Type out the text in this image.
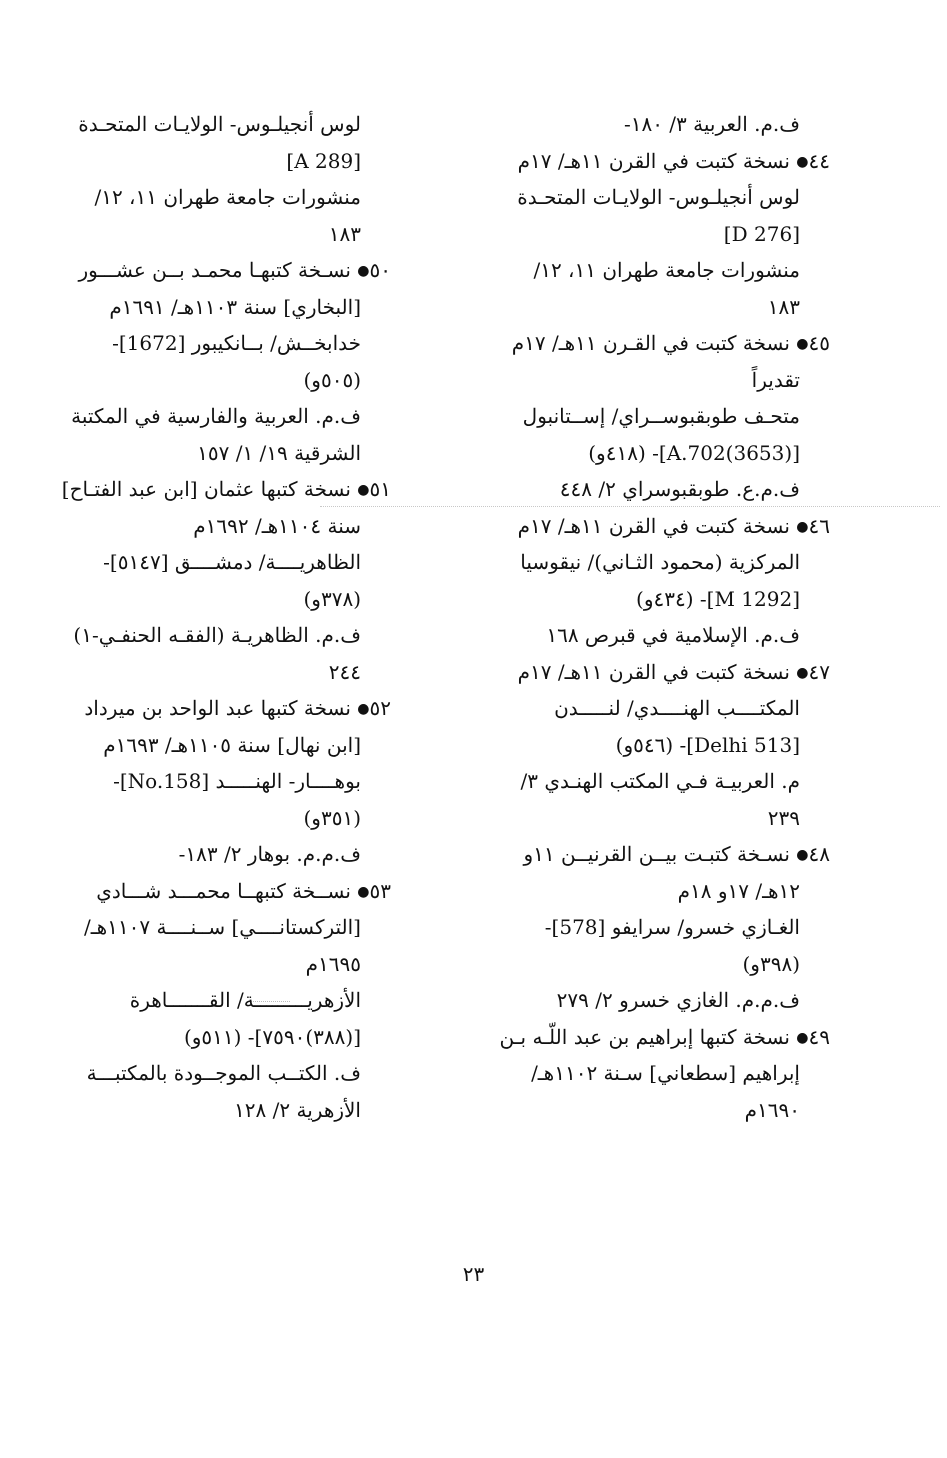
ف.م. العربية ٣/ ١٨٠-
٤٤● نسخة كتبت في القرن ١١هـ/ ١٧م
لوس أنجيلـوس- الولايـات المتحـدة
[D 276]
منشورات جامعة طهران ١١، ١٢/
١٨٣
٤٥● نسخة كتبت في القـرن ١١هـ/ ١٧م
تقديراً
متحـف طوبقبوســراي/ إســتانبول
[(3653)A.702]- (٤١٨و)
ف.م.ع. طوبقبوسراي ٢/ ٤٤٨
٤٦● نسخة كتبت في القرن ١١هـ/ ١٧م
المركزية (محمود الثـاني)/ نيقوسيا
[M 1292]- (٤٣٤و)
ف.م. الإسلامية في قبرص ١٦٨
٤٧● نسخة كتبت في القرن ١١هـ/ ١٧م
المكتــــب الهنــــدي/ لنـــــدن
[Delhi 513]- (٥٤٦و)
م. العربيـة فـي المكتب الهنـدي ٣/
٢٣٩
٤٨● نسـخة كتبـت بيــن القرنيــن ١١و
١٢هـ/ ١٧و ١٨م
الغـازي خسرو/ سرايفو [578]-
(٣٩٨و)
ف.م.م. الغازي خسرو ٢/ ٢٧٩
٤٩● نسخة كتبها إبراهيم بن عبد اللّـه بـن
إبراهيم [سطعاني] سـنة ١١٠٢هـ/
١٦٩٠م
لوس أنجيلـوس- الولايـات المتحـدة
[A 289]
منشورات جامعة طهران ١١، ١٢/
١٨٣
٥٠● نسـخة كتبهـا محمـد بــن عشـــور
[البخاري] سنة ١١٠٣هـ/ ١٦٩١م
خدابخــش/ بــانكيبور [1672]-
(٥٠٥و)
ف.م. العربية والفارسية في المكتبة
الشرقية ١٩/ ١/ ١٥٧
٥١● نسخة كتبها عثمان [ابن عبد الفتـاح]
سنة ١١٠٤هـ/ ١٦٩٢م
الظاهريــــة/ دمشــــق [٥١٤٧]-
(٣٧٨و)
ف.م. الظاهريـة (الفقـه الحنفـي-١)
٢٤٤
٥٢● نسخة كتبها عبد الواحد بن ميرداد
[ابن نهال] سنة ١١٠٥هـ/ ١٦٩٣م
بوهــــار- الهنـــــد [No.158]-
(٣٥١و)
ف.م.م. بوهار ٢/ ١٨٣-
٥٣● نســخة كتبهــا محمـــد شـــادي
[التركستانــــي] ســنــــة ١١٠٧هـ/
١٦٩٥م
الأزهريـــــــــة/ القـــــــاهرة
[(٣٨٨)٧٥٩٠]- (٥١١و)
ف. الكتــب الموجــودة بالمكتبـــة
الأزهرية ٢/ ١٢٨
٢٣
